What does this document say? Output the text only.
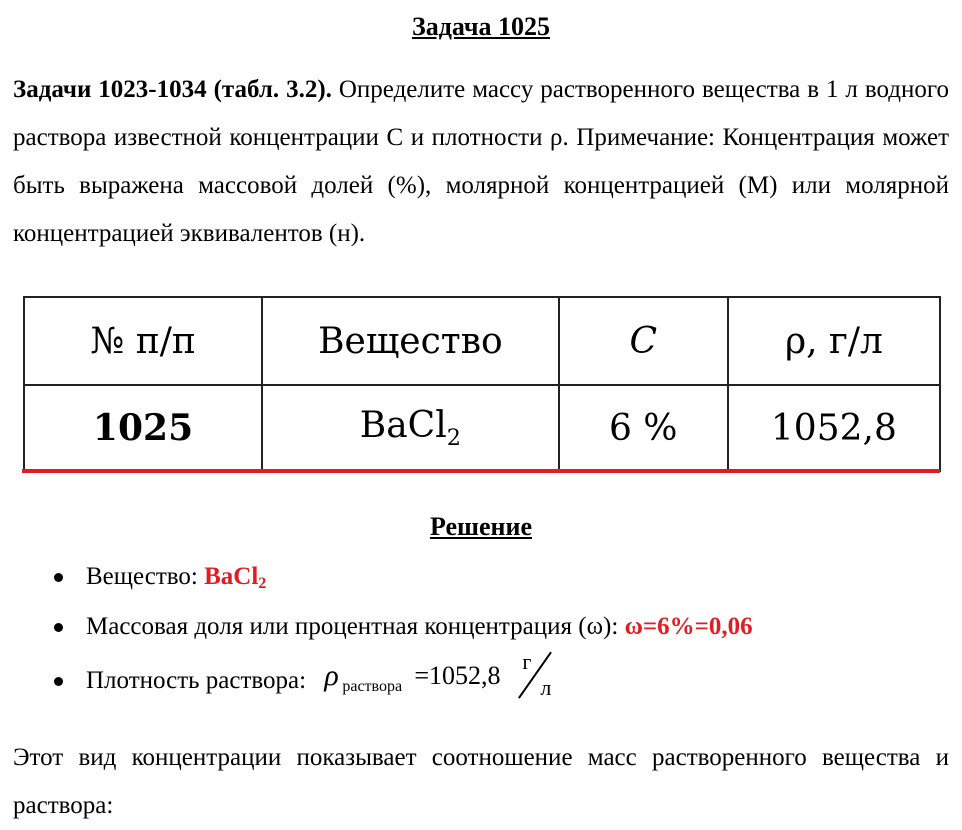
Задача 1025

Задачи 1023-1034 (табл. 3.2). Определите массу растворенного вещества в 1 л водного раствора известной концентрации C и плотности ρ. Примечание: Концентрация может быть выражена массовой долей (%), молярной концентрацией (M) или молярной концентрацией эквивалентов (н).

№ п/п	Вещество	C	ρ, г/л
1025	BaCl$_2$	6 %	1052,8
Решение
Вещество: BaCl$_2$
Массовая доля или процентная концентрация (ω): ω=6%=0,06
Плотность раствора: ρ раствора =1052,8 г
л

Этот вид концентрации показывает соотношение масс растворенного вещества и раствора:
